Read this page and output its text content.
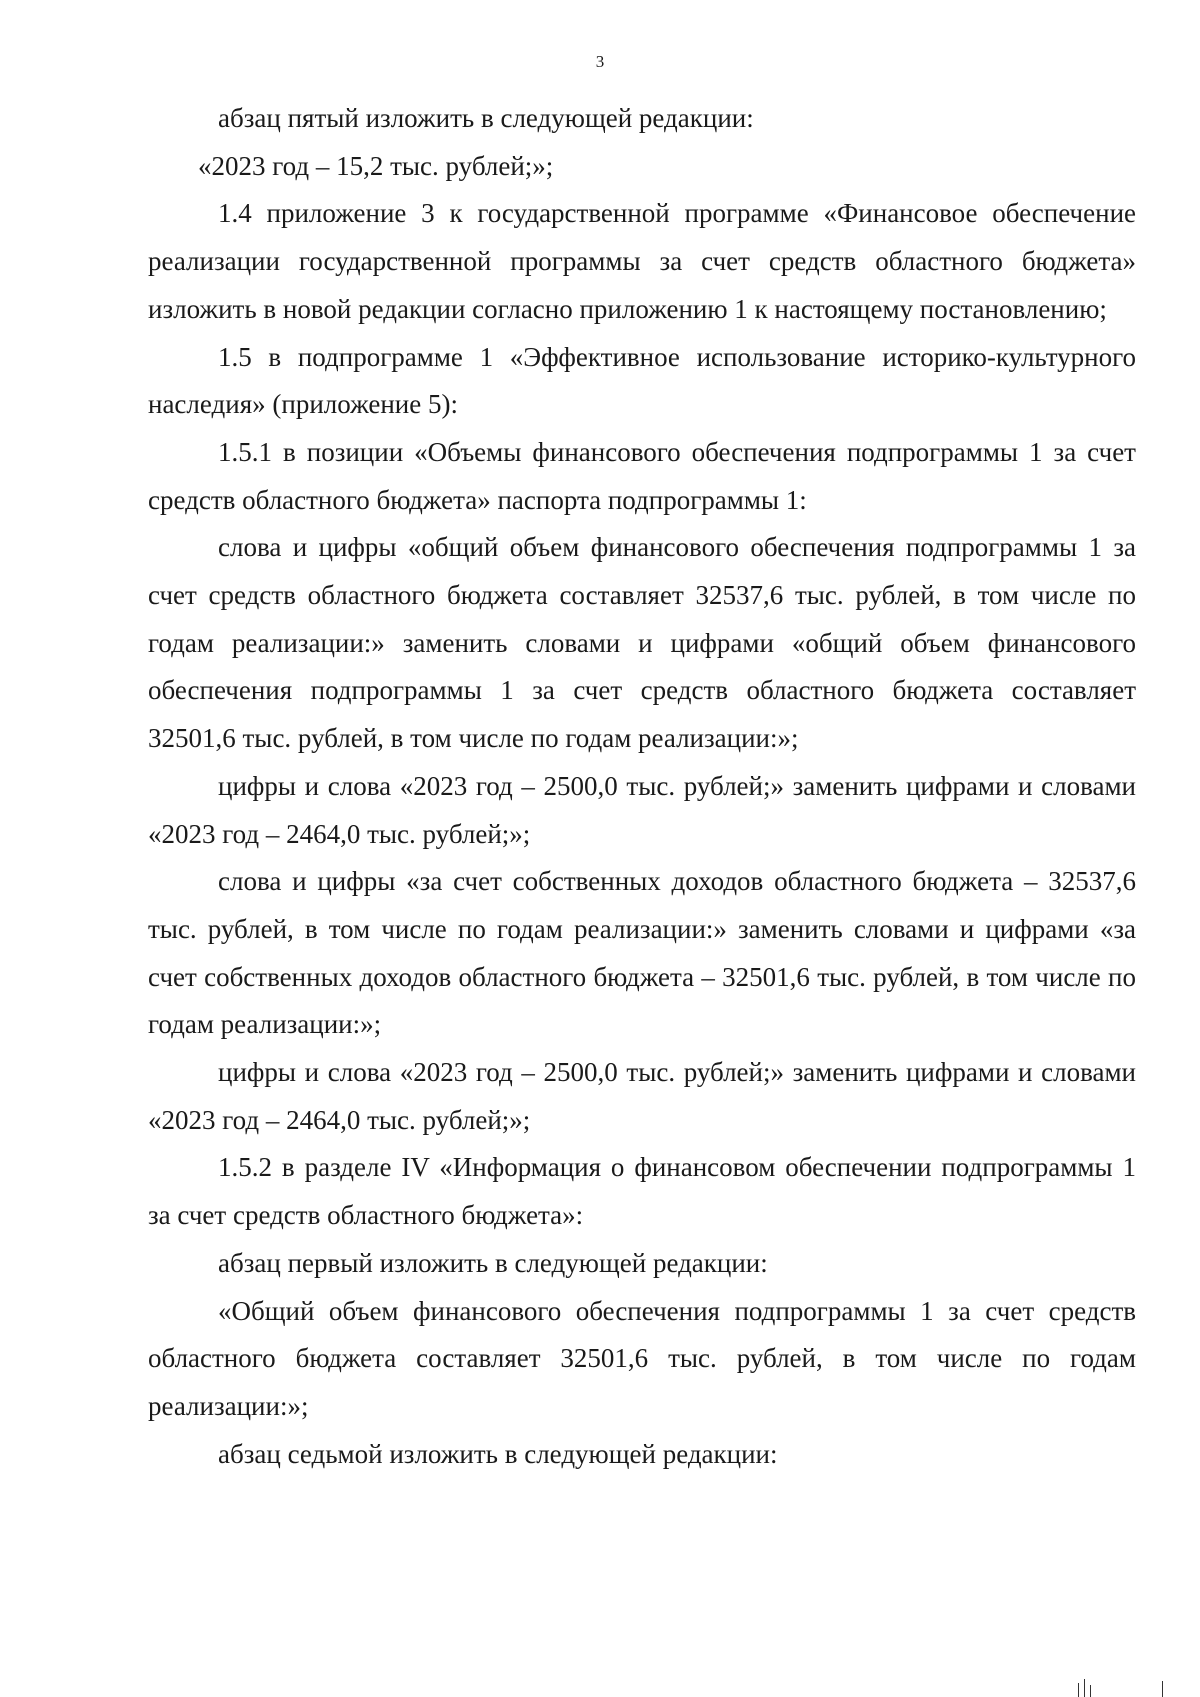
3

абзац пятый изложить в следующей редакции:

«2023 год – 15,2 тыс. рублей;»;

1.4 приложение 3 к государственной программе «Финансовое обеспечение реализации государственной программы за счет средств областного бюджета» изложить в новой редакции согласно приложению 1 к настоящему постановлению;

1.5 в подпрограмме 1 «Эффективное использование историко-культурного наследия» (приложение 5):

1.5.1 в позиции «Объемы финансового обеспечения подпрограммы 1 за счет средств областного бюджета» паспорта подпрограммы 1:

слова и цифры «общий объем финансового обеспечения подпрограммы 1 за счет средств областного бюджета составляет 32537,6 тыс. рублей, в том числе по годам реализации:» заменить словами и цифрами «общий объем финансового обеспечения подпрограммы 1 за счет средств областного бюджета составляет 32501,6 тыс. рублей, в том числе по годам реализации:»;

цифры и слова «2023 год – 2500,0 тыс. рублей;» заменить цифрами и словами «2023 год – 2464,0 тыс. рублей;»;

слова и цифры «за счет собственных доходов областного бюджета – 32537,6 тыс. рублей, в том числе по годам реализации:» заменить словами и цифрами «за счет собственных доходов областного бюджета – 32501,6 тыс. рублей, в том числе по годам реализации:»;

цифры и слова «2023 год – 2500,0 тыс. рублей;» заменить цифрами и словами «2023 год – 2464,0 тыс. рублей;»;

1.5.2 в разделе IV «Информация о финансовом обеспечении подпрограммы 1 за счет средств областного бюджета»:

абзац первый изложить в следующей редакции:

«Общий объем финансового обеспечения подпрограммы 1 за счет средств областного бюджета составляет 32501,6 тыс. рублей, в том числе по годам реализации:»;

абзац седьмой изложить в следующей редакции:
